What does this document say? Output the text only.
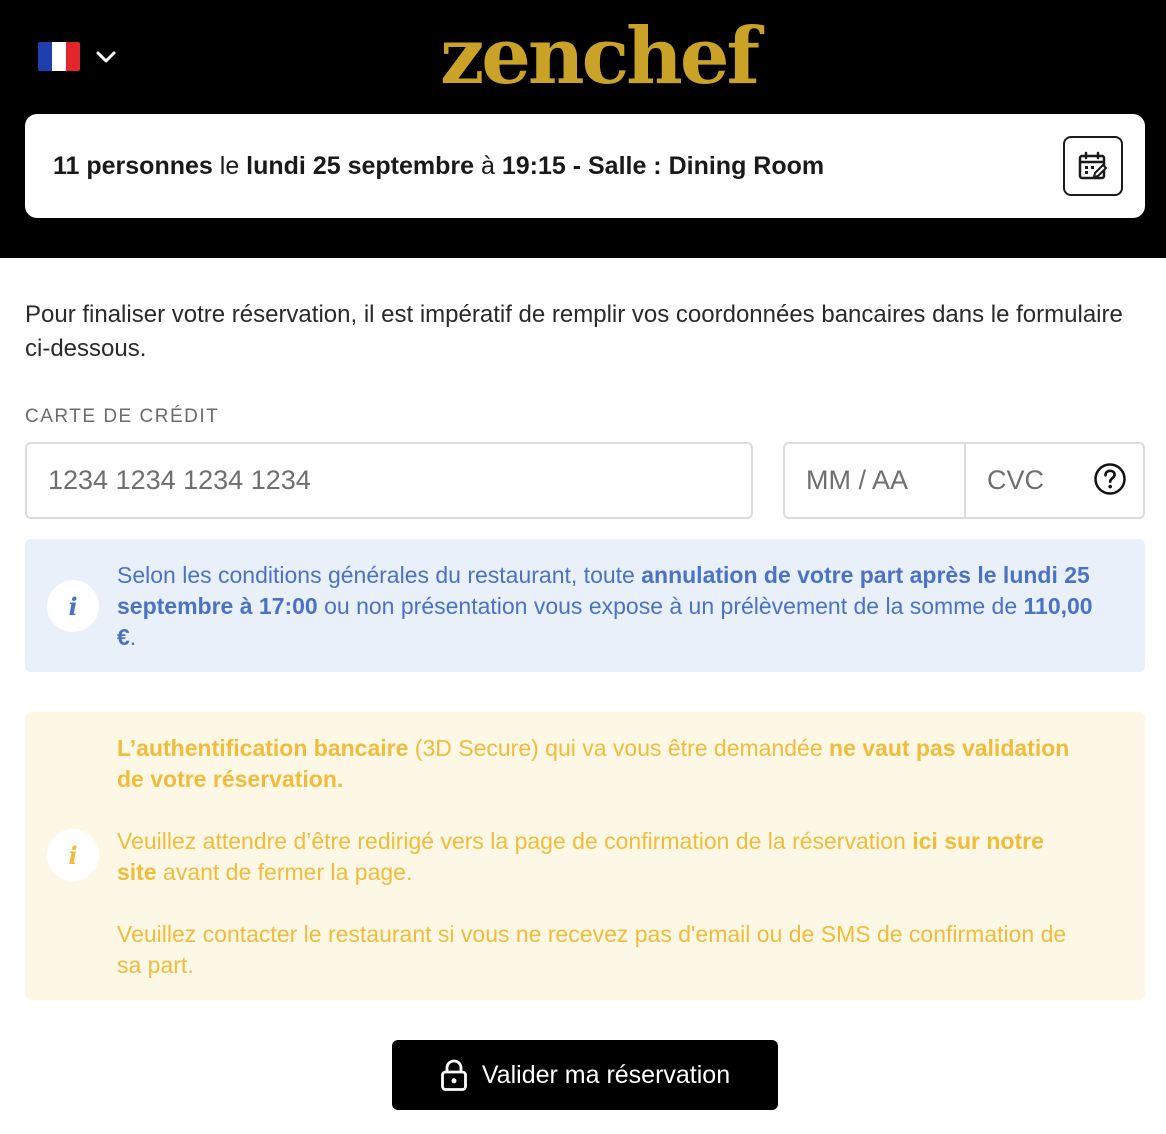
zenchef
11 personnes le lundi 25 septembre à 19:15 - Salle : Dining Room

Pour finaliser votre réservation, il est impératif de remplir vos coordonnées bancaires dans le formulaire ci-dessous.

CARTE DE CRÉDIT
1234 1234 1234 1234
MM / AA
CVC
i
Selon les conditions générales du restaurant, toute annulation de votre part après le lundi 25 septembre à 17:00 ou non présentation vous expose à un prélèvement de la somme de 110,00 €.
i
L’authentification bancaire (3D Secure) qui va vous être demandée ne vaut pas validation de votre réservation.
Veuillez attendre d’être redirigé vers la page de confirmation de la réservation ici sur notre site avant de fermer la page.
Veuillez contacter le restaurant si vous ne recevez pas d'email ou de SMS de confirmation de sa part.
Valider ma réservation
